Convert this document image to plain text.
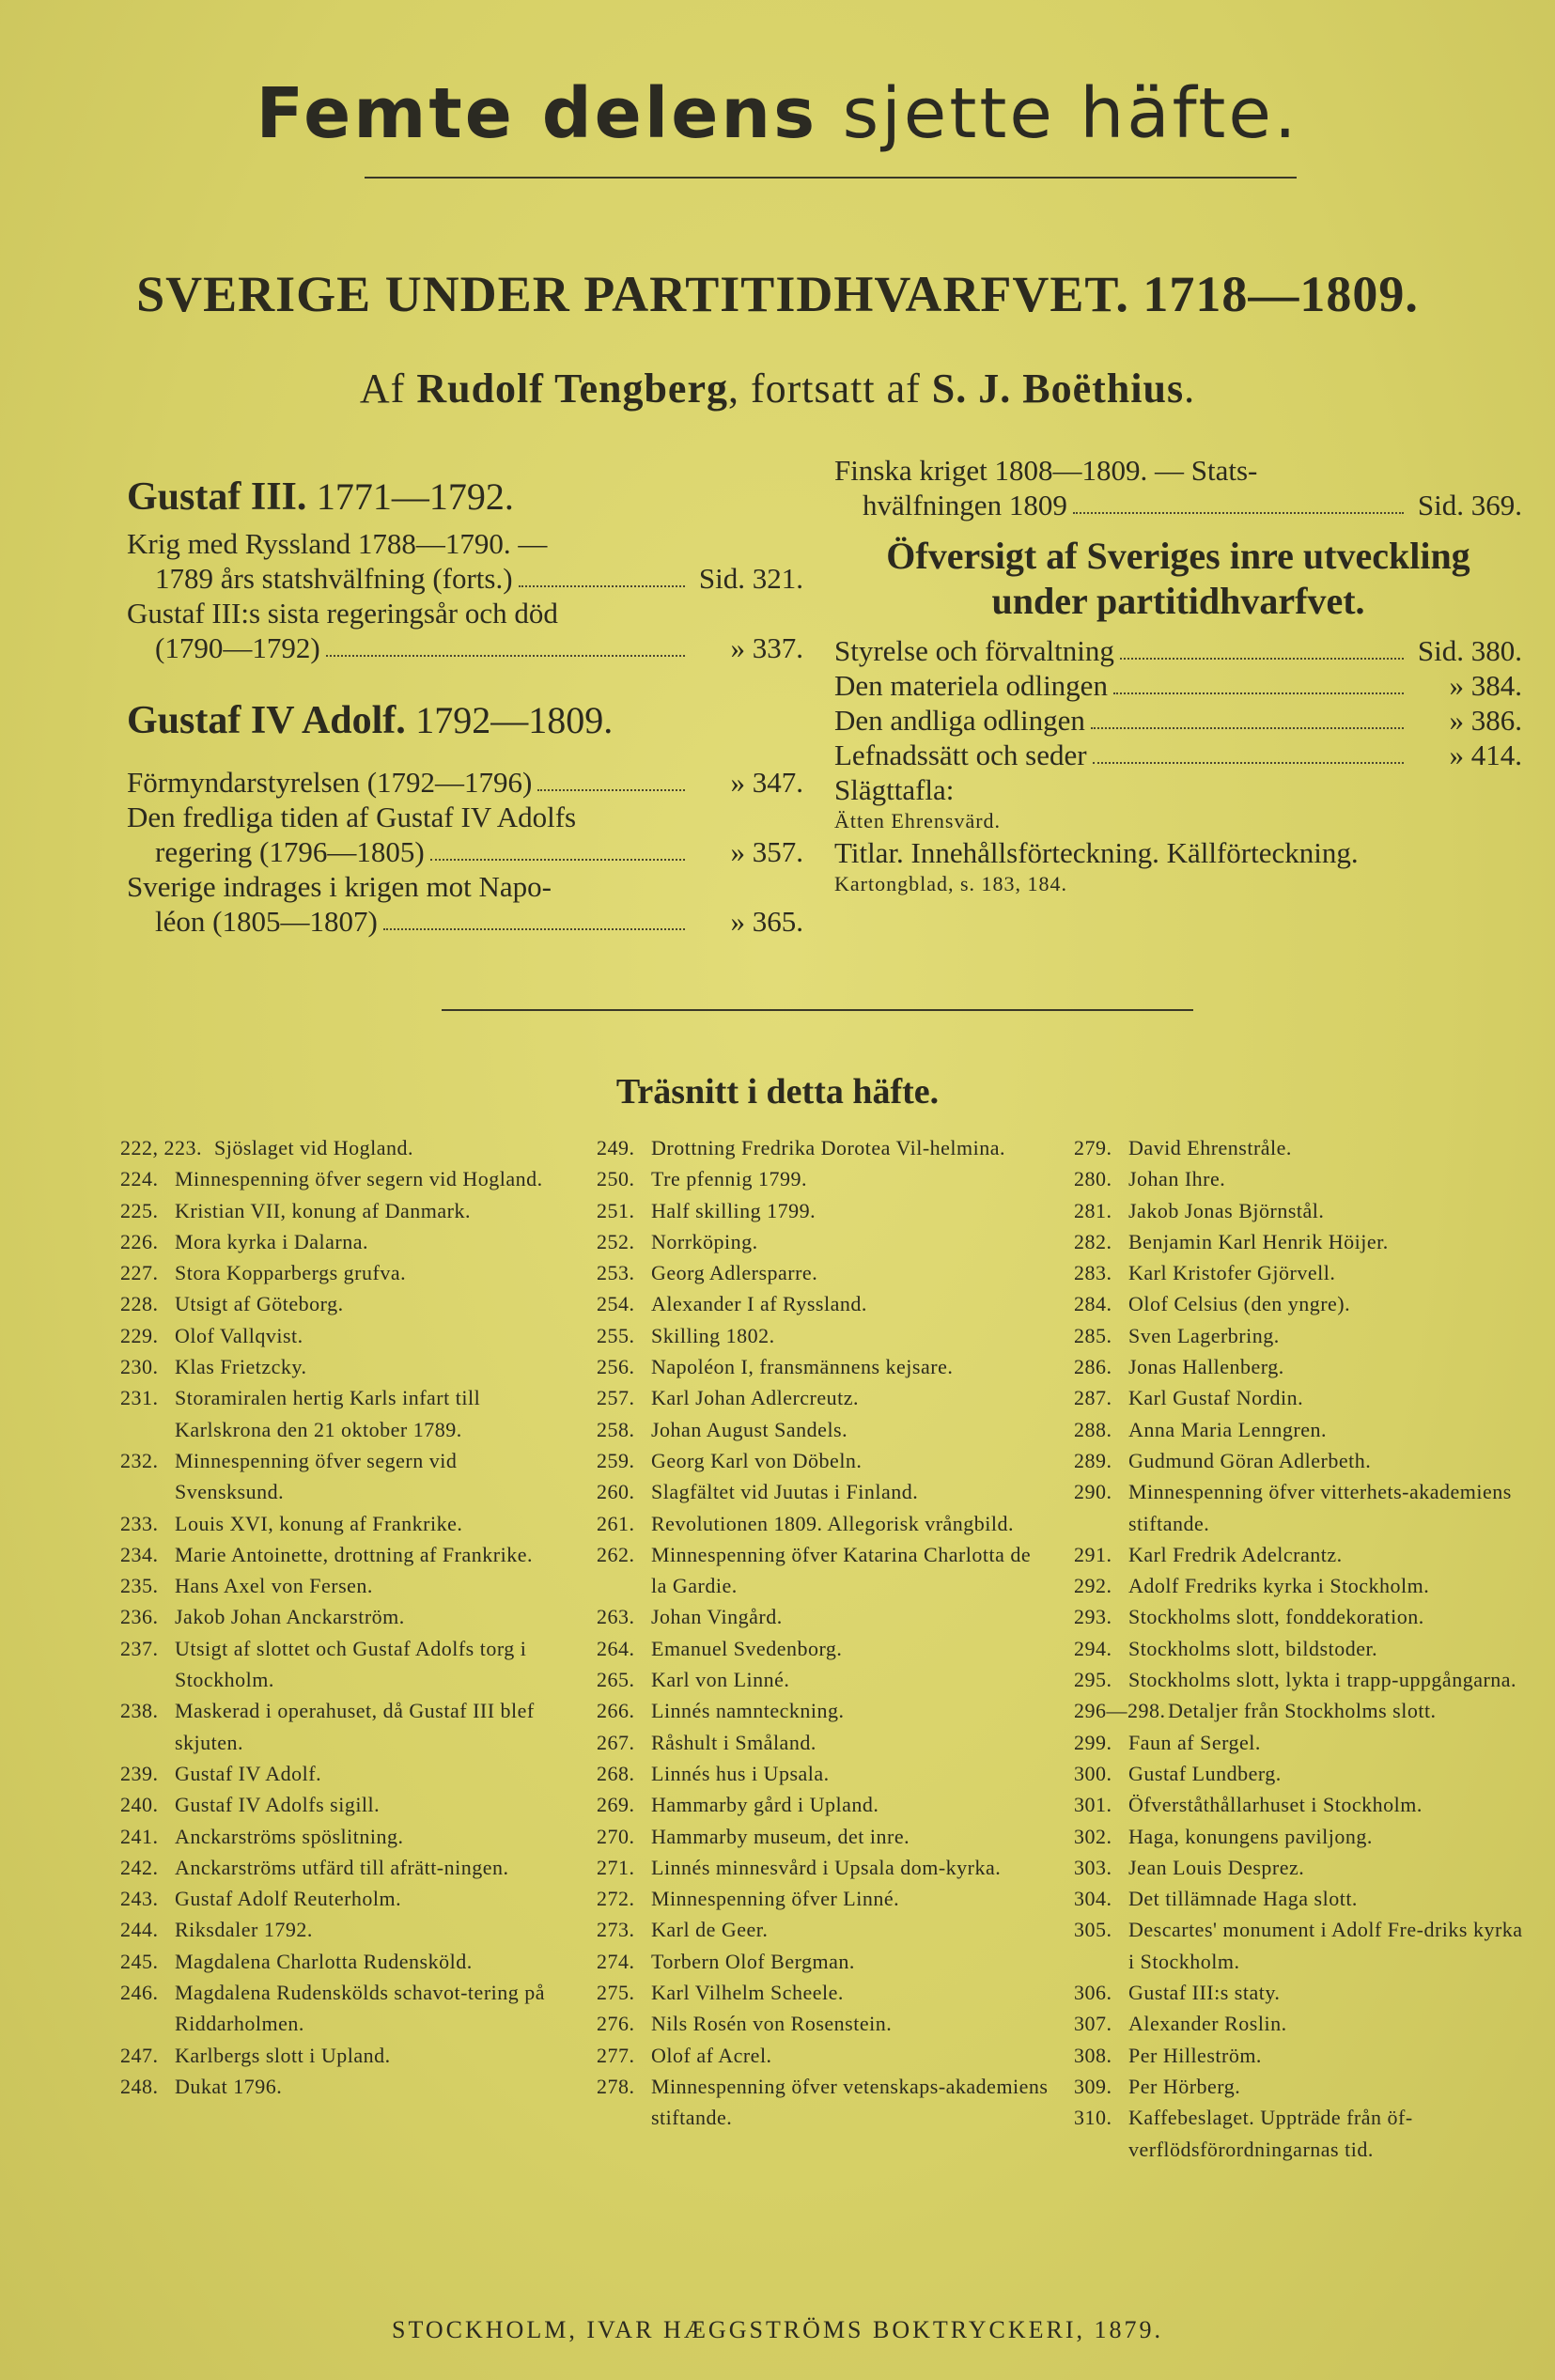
Femte delens sjette häfte.
SVERIGE UNDER PARTITIDHVARFVET. 1718—1809.
Af Rudolf Tengberg, fortsatt af S. J. Boëthius.
Gustaf III. 1771—1792.
Krig med Ryssland 1788—1790. —
1789 års statshvälfning (forts.)	Sid. 321.
Gustaf III:s sista regeringsår och död
(1790—1792)	» 337.
Gustaf IV Adolf. 1792—1809.
Förmyndarstyrelsen (1792—1796)	» 347.
Den fredliga tiden af Gustaf IV Adolfs
regering (1796—1805)	» 357.
Sverige indrages i krigen mot Napo-
léon (1805—1807)	» 365.
Finska kriget 1808—1809. — Stats-
hvälfningen 1809	Sid. 369.
Öfversigt af Sveriges inre utveckling under partitidhvarfvet.
Styrelse och förvaltning	Sid. 380.
Den materiela odlingen	» 384.
Den andliga odlingen	» 386.
Lefnadssätt och seder	» 414.
Slägttafla:
Ätten Ehrensvärd.
Titlar. Innehållsförteckning. Källförteckning.
Kartongblad, s. 183, 184.
Träsnitt i detta häfte.
222, 223. Sjöslaget vid Hogland.
224. Minnespenning öfver segern vid Hogland.
225. Kristian VII, konung af Danmark.
226. Mora kyrka i Dalarna.
227. Stora Kopparbergs grufva.
228. Utsigt af Göteborg.
229. Olof Vallqvist.
230. Klas Frietzcky.
231. Storamiralen hertig Karls infart till Karlskrona den 21 oktober 1789.
232. Minnespenning öfver segern vid Svensksund.
233. Louis XVI, konung af Frankrike.
234. Marie Antoinette, drottning af Frankrike.
235. Hans Axel von Fersen.
236. Jakob Johan Anckarström.
237. Utsigt af slottet och Gustaf Adolfs torg i Stockholm.
238. Maskerad i operahuset, då Gustaf III blef skjuten.
239. Gustaf IV Adolf.
240. Gustaf IV Adolfs sigill.
241. Anckarströms spöslitning.
242. Anckarströms utfärd till afrätt-ningen.
243. Gustaf Adolf Reuterholm.
244. Riksdaler 1792.
245. Magdalena Charlotta Rudensköld.
246. Magdalena Rudenskölds schavot-tering på Riddarholmen.
247. Karlbergs slott i Upland.
248. Dukat 1796.
249. Drottning Fredrika Dorotea Vil-helmina.
250. Tre pfennig 1799.
251. Half skilling 1799.
252. Norrköping.
253. Georg Adlersparre.
254. Alexander I af Ryssland.
255. Skilling 1802.
256. Napoléon I, fransmännens kejsare.
257. Karl Johan Adlercreutz.
258. Johan August Sandels.
259. Georg Karl von Döbeln.
260. Slagfältet vid Juutas i Finland.
261. Revolutionen 1809. Allegorisk vrångbild.
262. Minnespenning öfver Katarina Charlotta de la Gardie.
263. Johan Vingård.
264. Emanuel Svedenborg.
265. Karl von Linné.
266. Linnés namnteckning.
267. Råshult i Småland.
268. Linnés hus i Upsala.
269. Hammarby gård i Upland.
270. Hammarby museum, det inre.
271. Linnés minnesvård i Upsala dom-kyrka.
272. Minnespenning öfver Linné.
273. Karl de Geer.
274. Torbern Olof Bergman.
275. Karl Vilhelm Scheele.
276. Nils Rosén von Rosenstein.
277. Olof af Acrel.
278. Minnespenning öfver vetenskaps-akademiens stiftande.
279. David Ehrenstråle.
280. Johan Ihre.
281. Jakob Jonas Björnstål.
282. Benjamin Karl Henrik Höijer.
283. Karl Kristofer Gjörvell.
284. Olof Celsius (den yngre).
285. Sven Lagerbring.
286. Jonas Hallenberg.
287. Karl Gustaf Nordin.
288. Anna Maria Lenngren.
289. Gudmund Göran Adlerbeth.
290. Minnespenning öfver vitterhets-akademiens stiftande.
291. Karl Fredrik Adelcrantz.
292. Adolf Fredriks kyrka i Stockholm.
293. Stockholms slott, fonddekoration.
294. Stockholms slott, bildstoder.
295. Stockholms slott, lykta i trapp-uppgångarna.
296—298. Detaljer från Stockholms slott.
299. Faun af Sergel.
300. Gustaf Lundberg.
301. Öfverståthållarhuset i Stockholm.
302. Haga, konungens paviljong.
303. Jean Louis Desprez.
304. Det tillämnade Haga slott.
305. Descartes' monument i Adolf Fre-driks kyrka i Stockholm.
306. Gustaf III:s staty.
307. Alexander Roslin.
308. Per Hilleström.
309. Per Hörberg.
310. Kaffebeslaget. Uppträde från öf-verflödsförordningarnas tid.
STOCKHOLM, IVAR HÆGGSTRÖMS BOKTRYCKERI, 1879.
